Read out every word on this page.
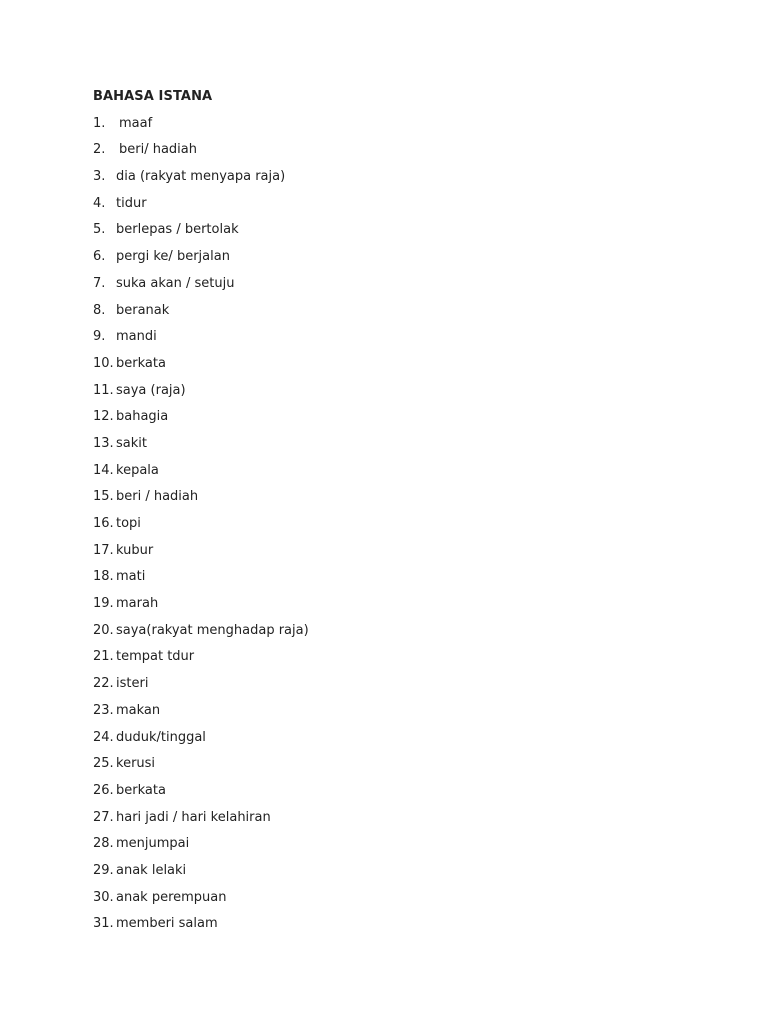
BAHASA ISTANA
1.	maaf
2.	beri/ hadiah
3. dia (rakyat menyapa raja)
4. tidur
5. berlepas / bertolak
6. pergi ke/ berjalan
7. suka akan / setuju
8. beranak
9. mandi
10. berkata
11. saya (raja)
12. bahagia
13. sakit
14. kepala
15. beri / hadiah
16. topi
17. kubur
18. mati
19. marah
20. saya(rakyat menghadap raja)
21. tempat tdur
22. isteri
23. makan
24. duduk/tinggal
25. kerusi
26. berkata
27. hari jadi / hari kelahiran
28. menjumpai
29. anak lelaki
30. anak perempuan
31. memberi salam
